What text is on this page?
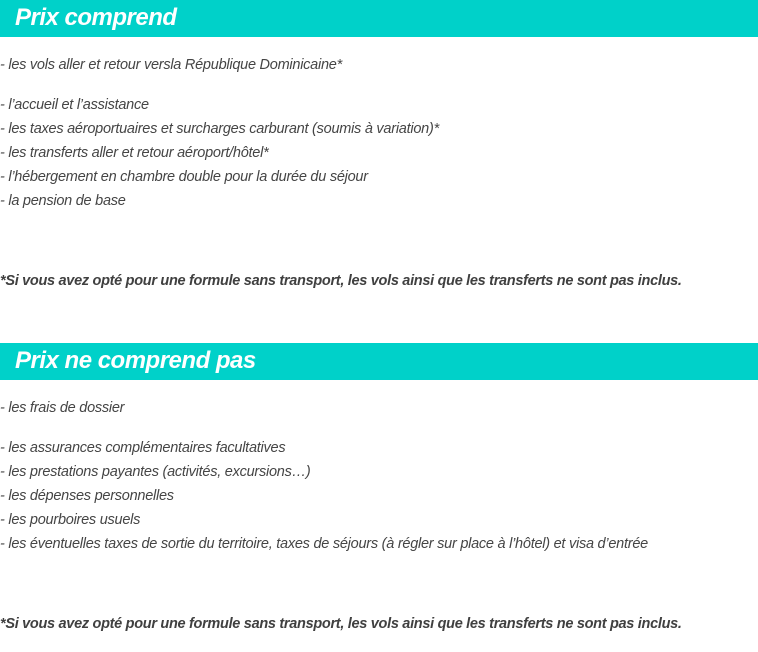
Prix comprend
- les vols aller et retour versla République Dominicaine*
- l’accueil et l’assistance
- les taxes aéroportuaires et surcharges carburant (soumis à variation)*
- les transferts aller et retour aéroport/hôtel*
- l’hébergement en chambre double pour la durée du séjour
- la pension de base
*Si vous avez opté pour une formule sans transport, les vols ainsi que les transferts ne sont pas inclus.
Prix ne comprend pas
- les frais de dossier
- les assurances complémentaires facultatives
- les prestations payantes (activités, excursions…)
- les dépenses personnelles
- les pourboires usuels
- les éventuelles taxes de sortie du territoire, taxes de séjours (à régler sur place à l’hôtel) et visa d’entrée
*Si vous avez opté pour une formule sans transport, les vols ainsi que les transferts ne sont pas inclus.
